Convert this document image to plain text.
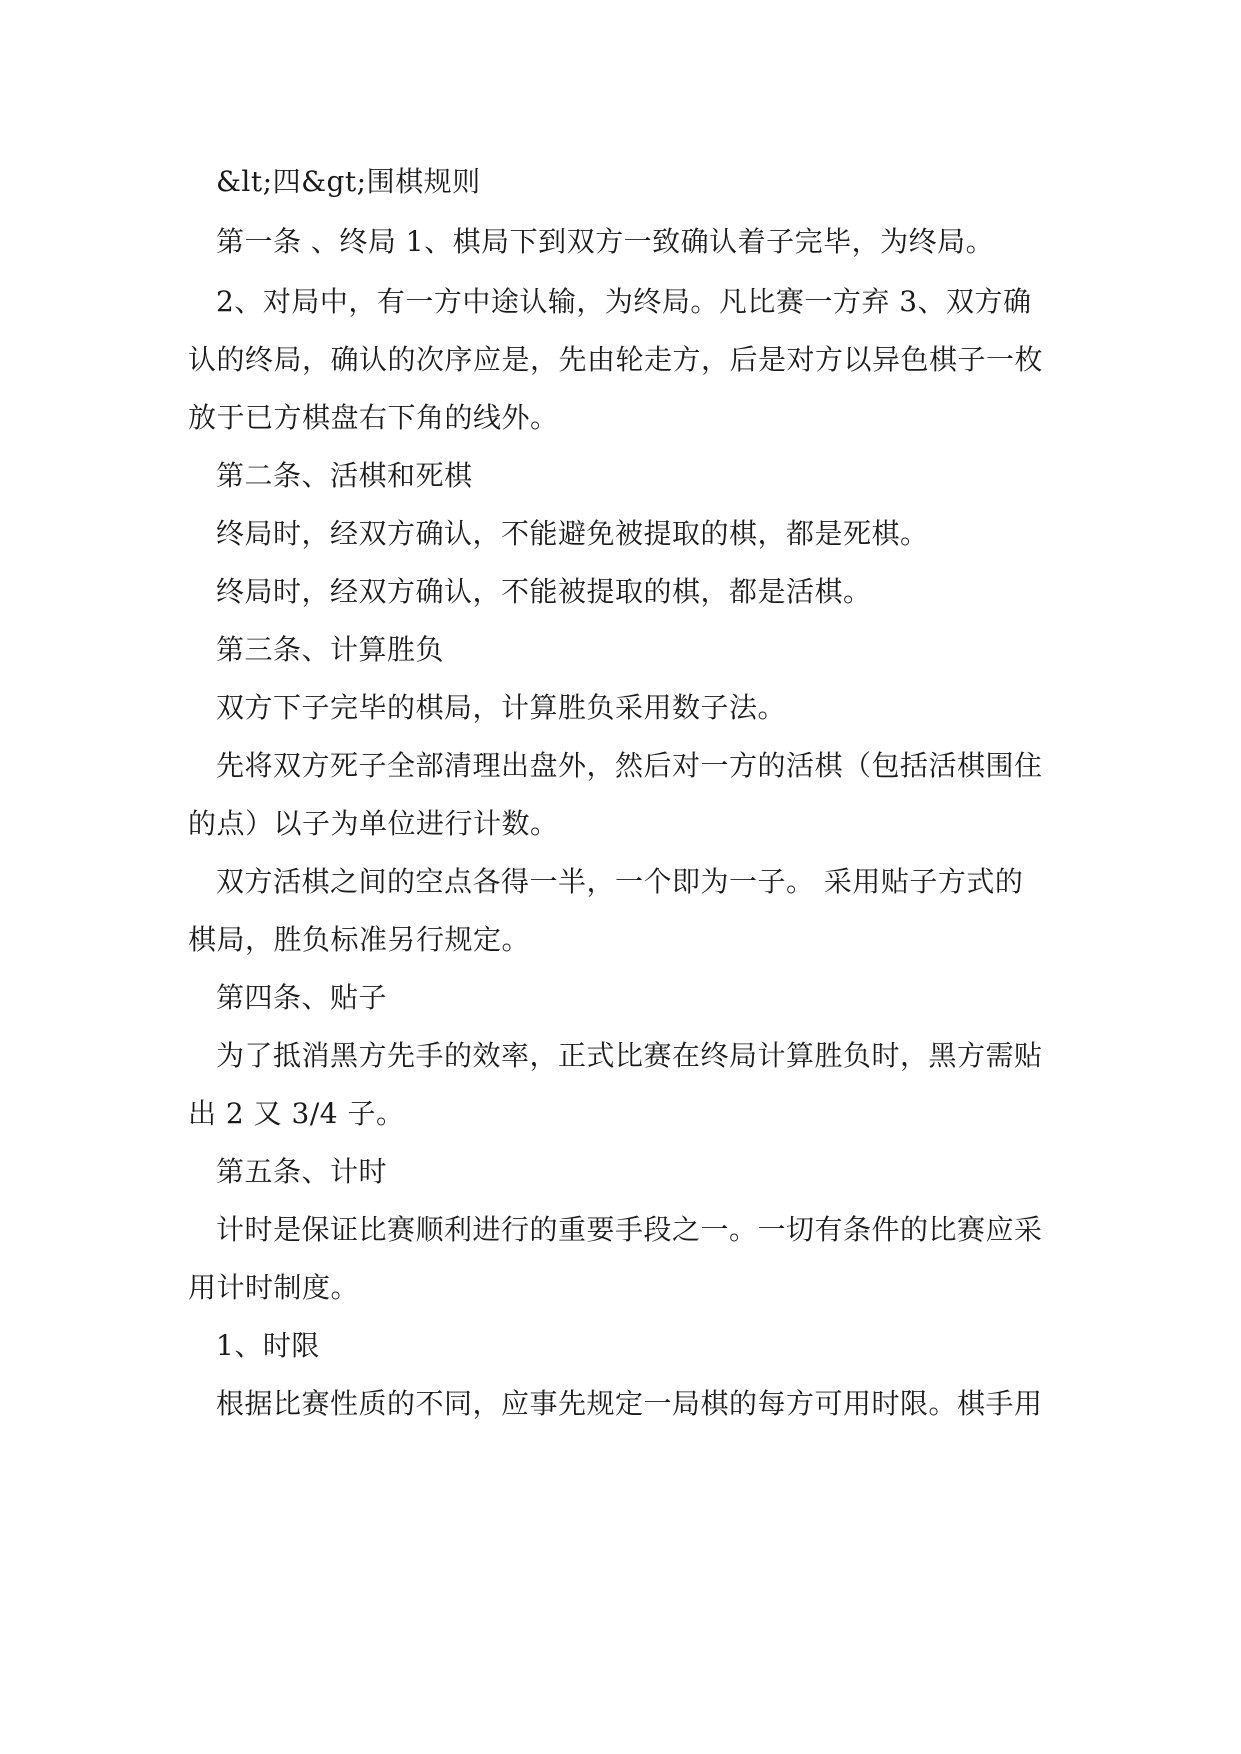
&lt;四&gt;围棋规则
第一条 、终局 1、棋局下到双方一致确认着子完毕，为终局。
2、对局中，有一方中途认输，为终局。凡比赛一方弃 3、双方确
认的终局，确认的次序应是，先由轮走方，后是对方以异色棋子一枚
放于已方棋盘右下角的线外。
第二条、活棋和死棋
终局时，经双方确认，不能避免被提取的棋，都是死棋。
终局时，经双方确认，不能被提取的棋，都是活棋。
第三条、计算胜负
双方下子完毕的棋局，计算胜负采用数子法。
先将双方死子全部清理出盘外，然后对一方的活棋（包括活棋围住
的点）以子为单位进行计数。
双方活棋之间的空点各得一半，一个即为一子。 采用贴子方式的
棋局，胜负标准另行规定。
第四条、贴子
为了抵消黑方先手的效率，正式比赛在终局计算胜负时，黑方需贴
出 2 又 3/4 子。
第五条、计时
计时是保证比赛顺利进行的重要手段之一。一切有条件的比赛应采
用计时制度。
1、时限
根据比赛性质的不同，应事先规定一局棋的每方可用时限。棋手用
